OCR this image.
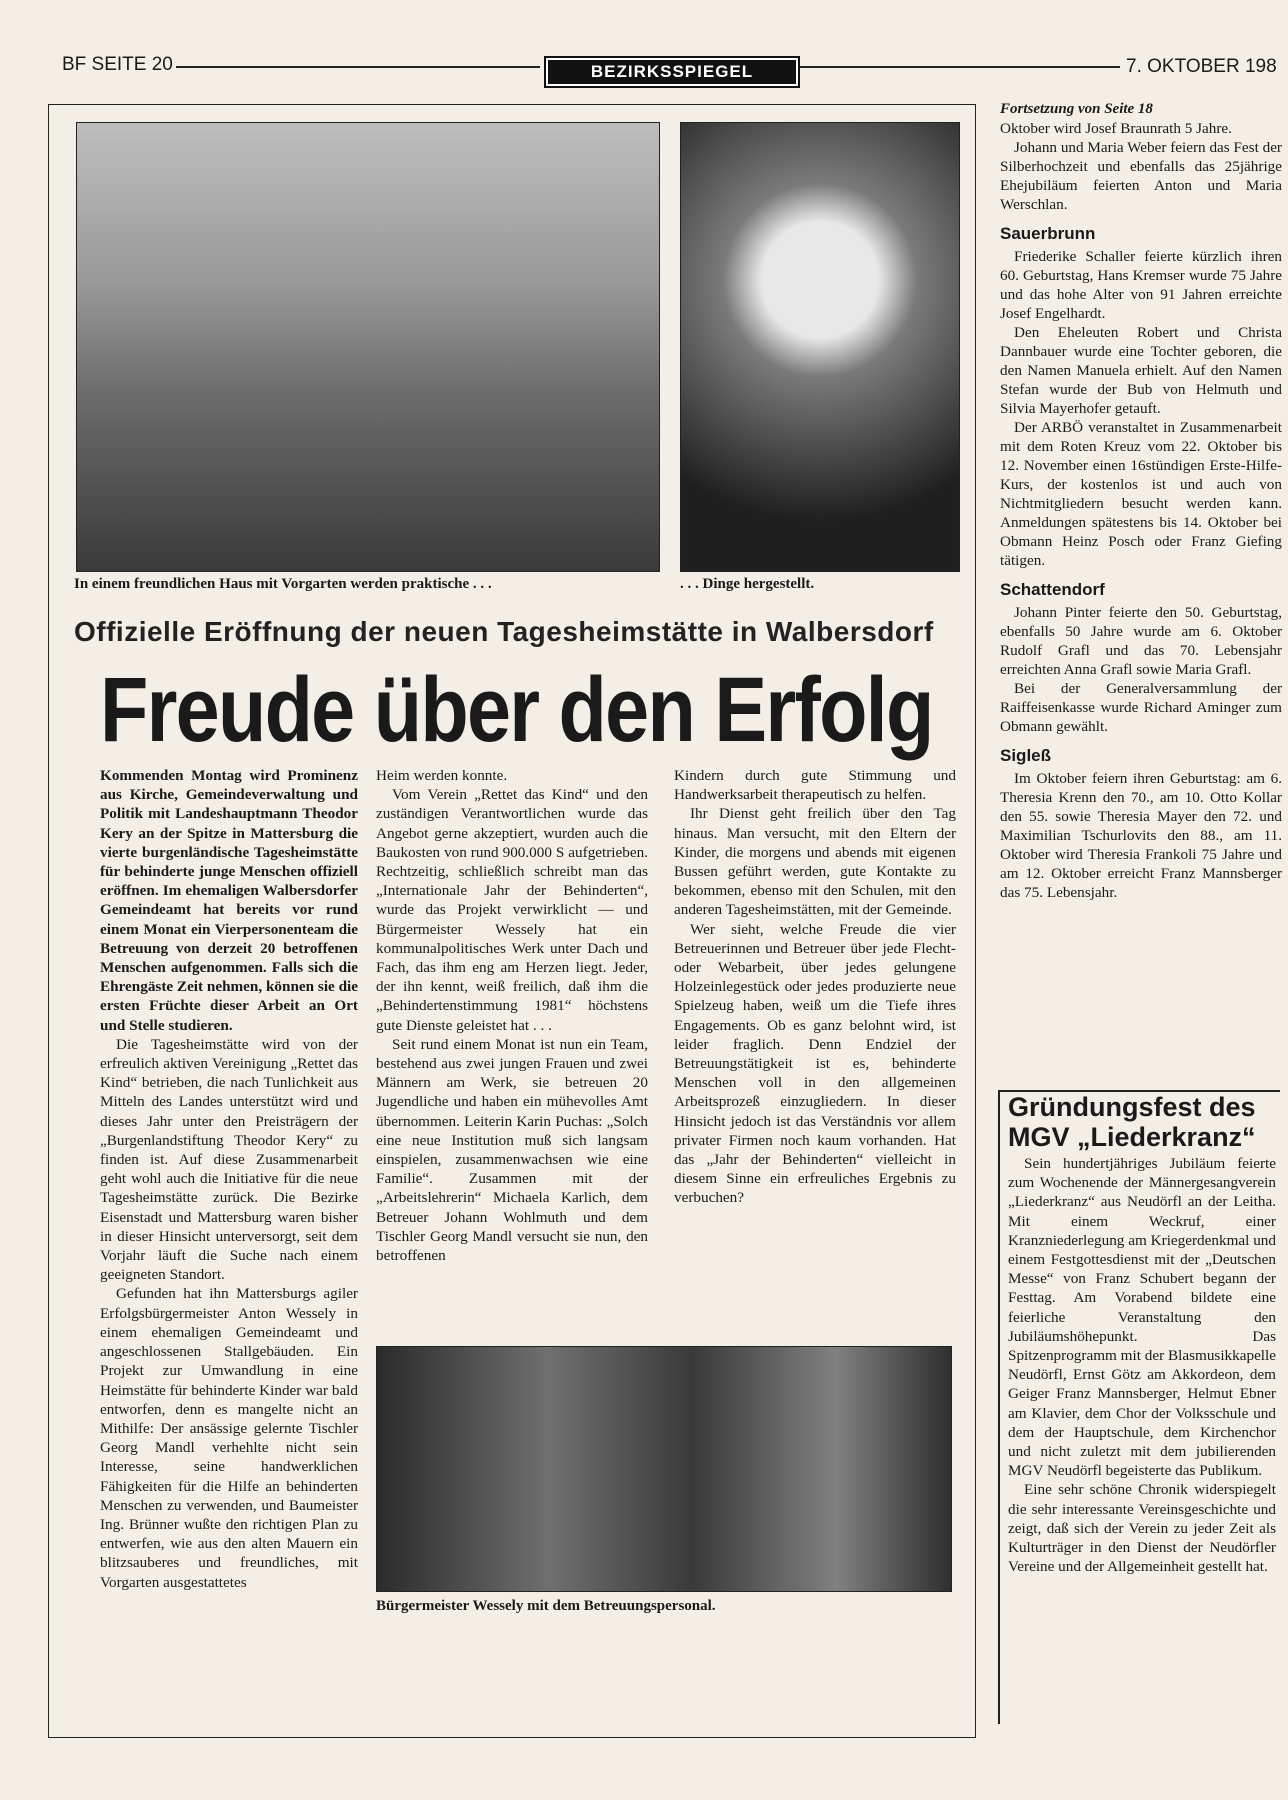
BF SEITE 20	BEZIRKSSPIEGEL	7. OKTOBER 198
In einem freundlichen Haus mit Vorgarten werden praktische . . .	. . . Dinge hergestellt.
Offizielle Eröffnung der neuen Tagesheimstätte in Walbersdorf
Freude über den Erfolg

Kommenden Montag wird Prominenz aus Kirche, Gemeindeverwaltung und Politik mit Landeshauptmann Theodor Kery an der Spitze in Mattersburg die vierte burgenländische Tagesheimstätte für behinderte junge Menschen offiziell eröffnen. Im ehemaligen Walbersdorfer Gemeindeamt hat bereits vor rund einem Monat ein Vierpersonenteam die Betreuung von derzeit 20 betroffenen Menschen aufgenommen. Falls sich die Ehrengäste Zeit nehmen, können sie die ersten Früchte dieser Arbeit an Ort und Stelle studieren.

Die Tagesheimstätte wird von der erfreulich aktiven Vereinigung „Rettet das Kind“ betrieben, die nach Tunlichkeit aus Mitteln des Landes unterstützt wird und dieses Jahr unter den Preisträgern der „Burgenlandstiftung Theodor Kery“ zu finden ist. Auf diese Zusammenarbeit geht wohl auch die Initiative für die neue Tagesheimstätte zurück. Die Bezirke Eisenstadt und Mattersburg waren bisher in dieser Hinsicht unterversorgt, seit dem Vorjahr läuft die Suche nach einem geeigneten Standort.

Gefunden hat ihn Mattersburgs agiler Erfolgsbürgermeister Anton Wessely in einem ehemaligen Gemeindeamt und angeschlossenen Stallgebäuden. Ein Projekt zur Umwandlung in eine Heimstätte für behinderte Kinder war bald entworfen, denn es mangelte nicht an Mithilfe: Der ansässige gelernte Tischler Georg Mandl verhehlte nicht sein Interesse, seine handwerklichen Fähigkeiten für die Hilfe an behinderten Menschen zu verwenden, und Baumeister Ing. Brünner wußte den richtigen Plan zu entwerfen, wie aus den alten Mauern ein blitzsauberes und freundliches, mit Vorgarten ausgestattetes

Heim werden konnte.

Vom Verein „Rettet das Kind“ und den zuständigen Verantwortlichen wurde das Angebot gerne akzeptiert, wurden auch die Baukosten von rund 900.000 S aufgetrieben. Rechtzeitig, schließlich schreibt man das „Internationale Jahr der Behinderten“, wurde das Projekt verwirklicht — und Bürgermeister Wessely hat ein kommunalpolitisches Werk unter Dach und Fach, das ihm eng am Herzen liegt. Jeder, der ihn kennt, weiß freilich, daß ihm die „Behindertenstimmung 1981“ höchstens gute Dienste geleistet hat . . .

Seit rund einem Monat ist nun ein Team, bestehend aus zwei jungen Frauen und zwei Männern am Werk, sie betreuen 20 Jugendliche und haben ein mühevolles Amt übernommen. Leiterin Karin Puchas: „Solch eine neue Institution muß sich langsam einspielen, zusammenwachsen wie eine Familie“. Zusammen mit der „Arbeitslehrerin“ Michaela Karlich, dem Betreuer Johann Wohlmuth und dem Tischler Georg Mandl versucht sie nun, den betroffenen

Kindern durch gute Stimmung und Handwerksarbeit therapeutisch zu helfen.

Ihr Dienst geht freilich über den Tag hinaus. Man versucht, mit den Eltern der Kinder, die morgens und abends mit eigenen Bussen geführt werden, gute Kontakte zu bekommen, ebenso mit den Schulen, mit den anderen Tagesheimstätten, mit der Gemeinde.

Wer sieht, welche Freude die vier Betreuerinnen und Betreuer über jede Flecht- oder Webarbeit, über jedes gelungene Holzeinlegestück oder jedes produzierte neue Spielzeug haben, weiß um die Tiefe ihres Engagements. Ob es ganz belohnt wird, ist leider fraglich. Denn Endziel der Betreuungstätigkeit ist es, behinderte Menschen voll in den allgemeinen Arbeitsprozeß einzugliedern. In dieser Hinsicht jedoch ist das Verständnis vor allem privater Firmen noch kaum vorhanden. Hat das „Jahr der Behinderten“ vielleicht in diesem Sinne ein erfreuliches Ergebnis zu verbuchen?

Bürgermeister Wessely mit dem Betreuungspersonal.

Fortsetzung von Seite 18

Oktober wird Josef Braunrath 5 Jahre.

Johann und Maria Weber feiern das Fest der Silberhochzeit und ebenfalls das 25jährige Ehejubiläum feierten Anton und Maria Werschlan.

Sauerbrunn

Friederike Schaller feierte kürzlich ihren 60. Geburtstag, Hans Kremser wurde 75 Jahre und das hohe Alter von 91 Jahren erreichte Josef Engelhardt.

Den Eheleuten Robert und Christa Dannbauer wurde eine Tochter geboren, die den Namen Manuela erhielt. Auf den Namen Stefan wurde der Bub von Helmuth und Silvia Mayerhofer getauft.

Der ARBÖ veranstaltet in Zusammenarbeit mit dem Roten Kreuz vom 22. Oktober bis 12. November einen 16stündigen Erste-Hilfe-Kurs, der kostenlos ist und auch von Nichtmitgliedern besucht werden kann. Anmeldungen spätestens bis 14. Oktober bei Obmann Heinz Posch oder Franz Giefing tätigen.

Schattendorf

Johann Pinter feierte den 50. Geburtstag, ebenfalls 50 Jahre wurde am 6. Oktober Rudolf Grafl und das 70. Lebensjahr erreichten Anna Grafl sowie Maria Grafl.

Bei der Generalversammlung der Raiffeisenkasse wurde Richard Aminger zum Obmann gewählt.

Sigleß

Im Oktober feiern ihren Geburtstag: am 6. Theresia Krenn den 70., am 10. Otto Kollar den 55. sowie Theresia Mayer den 72. und Maximilian Tschurlovits den 88., am 11. Oktober wird Theresia Frankoli 75 Jahre und am 12. Oktober erreicht Franz Mannsberger das 75. Lebensjahr.

Gründungsfest des
MGV „Liederkranz“

Sein hundertjähriges Jubiläum feierte zum Wochenende der Männergesangverein „Liederkranz“ aus Neudörfl an der Leitha. Mit einem Weckruf, einer Kranzniederlegung am Kriegerdenkmal und einem Festgottesdienst mit der „Deutschen Messe“ von Franz Schubert begann der Festtag. Am Vorabend bildete eine feierliche Veranstaltung den Jubiläumshöhepunkt. Das Spitzenprogramm mit der Blasmusikkapelle Neudörfl, Ernst Götz am Akkordeon, dem Geiger Franz Mannsberger, Helmut Ebner am Klavier, dem Chor der Volksschule und dem der Hauptschule, dem Kirchenchor und nicht zuletzt mit dem jubilierenden MGV Neudörfl begeisterte das Publikum.

Eine sehr schöne Chronik widerspiegelt die sehr interessante Vereinsgeschichte und zeigt, daß sich der Verein zu jeder Zeit als Kulturträger in den Dienst der Neudörfler Vereine und der Allgemeinheit gestellt hat.
